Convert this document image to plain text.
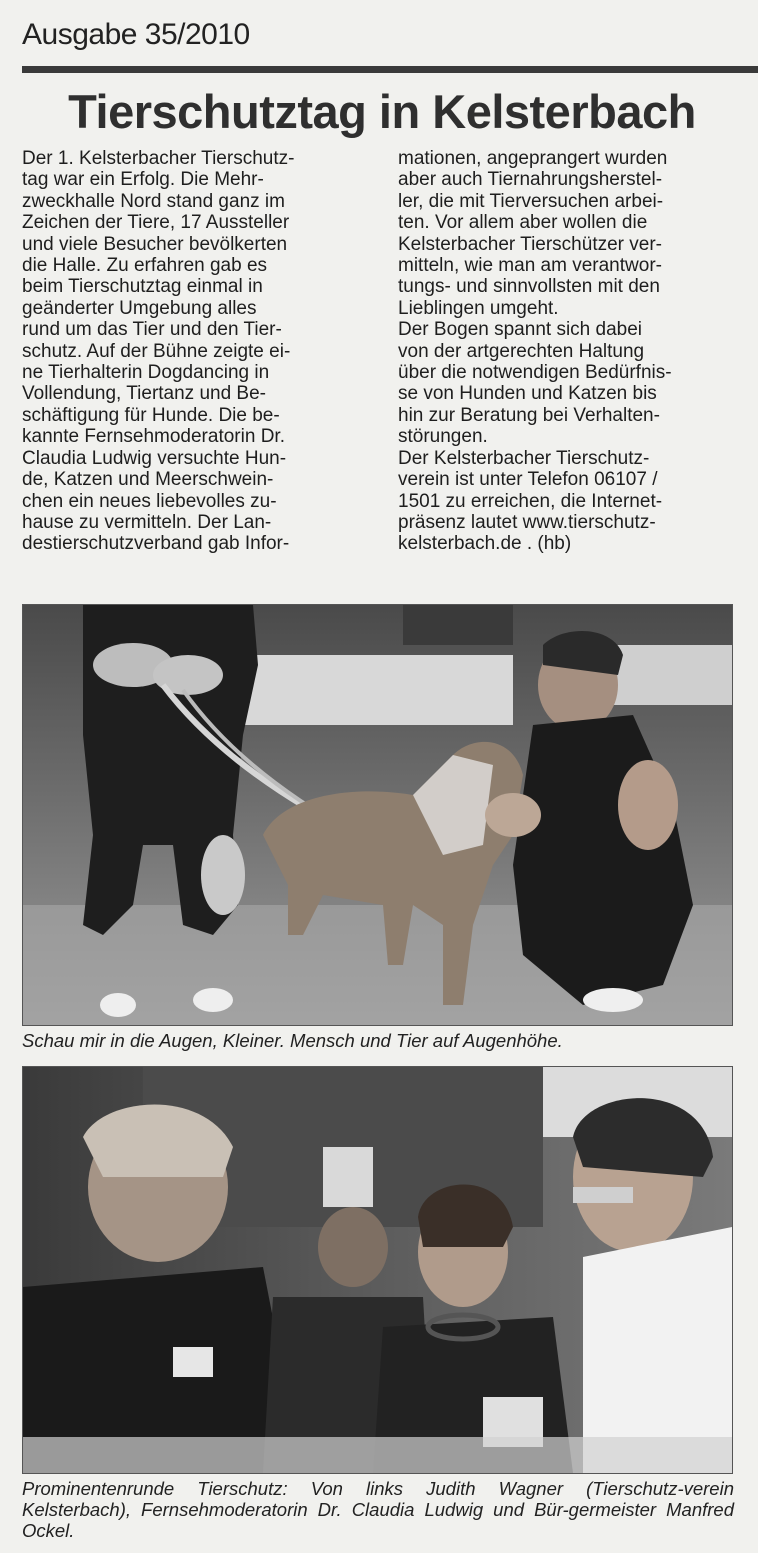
Ausgabe 35/2010
Tierschutztag in Kelsterbach

Der 1. Kelsterbacher Tierschutz-

tag war ein Erfolg. Die Mehr-

zweckhalle Nord stand ganz im

Zeichen der Tiere, 17 Aussteller

und viele Besucher bevölkerten

die Halle. Zu erfahren gab es

beim Tierschutztag einmal in

geänderter Umgebung alles

rund um das Tier und den Tier-

schutz. Auf der Bühne zeigte ei-

ne Tierhalterin Dogdancing in

Vollendung, Tiertanz und Be-

schäftigung für Hunde. Die be-

kannte Fernsehmoderatorin Dr.

Claudia Ludwig versuchte Hun-

de, Katzen und Meerschwein-

chen ein neues liebevolles zu-

hause zu vermitteln. Der Lan-

destierschutzverband gab Infor-

mationen, angeprangert wurden

aber auch Tiernahrungsherstel-

ler, die mit Tierversuchen arbei-

ten. Vor allem aber wollen die

Kelsterbacher Tierschützer ver-

mitteln, wie man am verantwor-

tungs- und sinnvollsten mit den

Lieblingen umgeht.

Der Bogen spannt sich dabei

von der artgerechten Haltung

über die notwendigen Bedürfnis-

se von Hunden und Katzen bis

hin zur Beratung bei Verhalten-

störungen.

Der Kelsterbacher Tierschutz-

verein ist unter Telefon 06107 /

1501 zu erreichen, die Internet-

präsenz lautet www.tierschutz-

kelsterbach.de . (hb)

Schau mir in die Augen, Kleiner. Mensch und Tier auf Augenhöhe.
Prominentenrunde Tierschutz: Von links Judith Wagner (Tierschutz-verein Kelsterbach), Fernsehmoderatorin Dr. Claudia Ludwig und Bür-germeister Manfred Ockel.
